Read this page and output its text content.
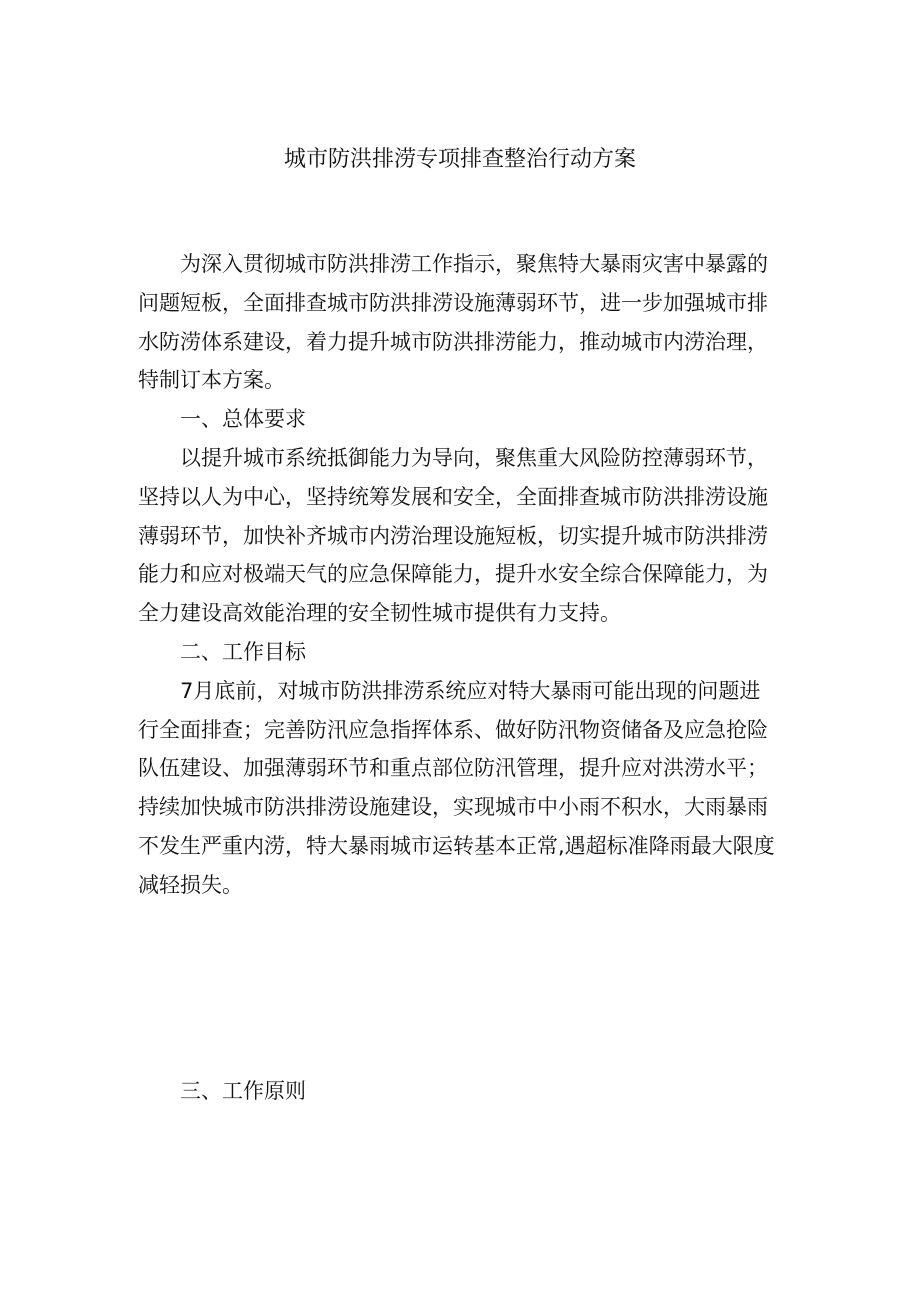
城市防洪排涝专项排查整治行动方案
为深入贯彻城市防洪排涝工作指示，聚焦特大暴雨灾害中暴露的
问题短板，全面排查城市防洪排涝设施薄弱环节，进一步加强城市排
水防涝体系建设，着力提升城市防洪排涝能力，推动城市内涝治理，
特制订本方案。
一、总体要求
以提升城市系统抵御能力为导向，聚焦重大风险防控薄弱环节，
坚持以人为中心，坚持统筹发展和安全，全面排查城市防洪排涝设施
薄弱环节，加快补齐城市内涝治理设施短板，切实提升城市防洪排涝
能力和应对极端天气的应急保障能力，提升水安全综合保障能力，为
全力建设高效能治理的安全韧性城市提供有力支持。
二、工作目标
7月底前，对城市防洪排涝系统应对特大暴雨可能出现的问题进
行全面排查；完善防汛应急指挥体系、做好防汛物资储备及应急抢险
队伍建设、加强薄弱环节和重点部位防汛管理，提升应对洪涝水平；
持续加快城市防洪排涝设施建设，实现城市中小雨不积水，大雨暴雨
不发生严重内涝，特大暴雨城市运转基本正常,遇超标准降雨最大限度
减轻损失。
三、工作原则
